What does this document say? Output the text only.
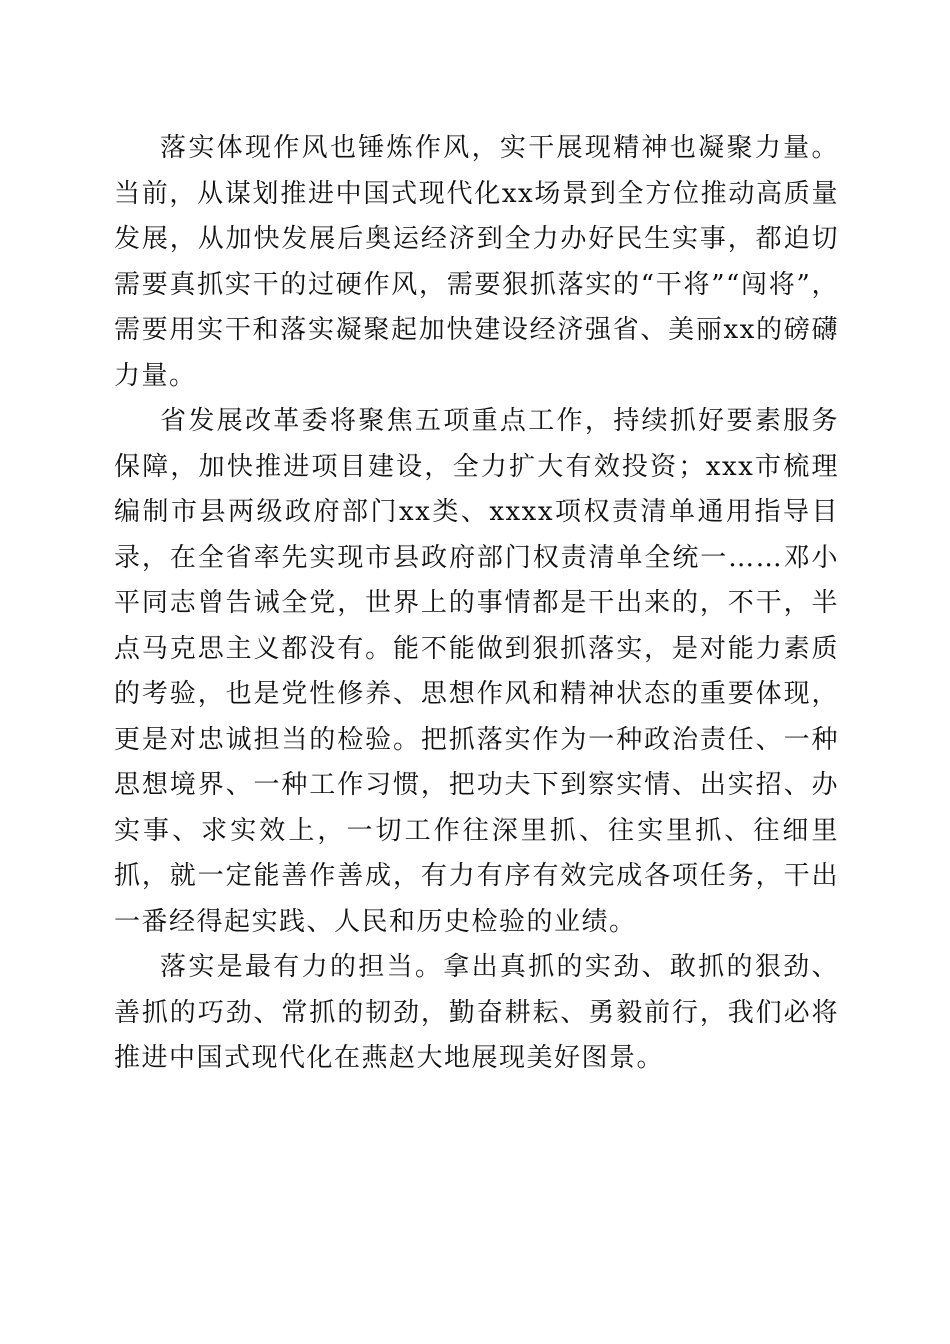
落实体现作风也锤炼作风，实干展现精神也凝聚力量。当前，从谋划推进中国式现代化xx场景到全方位推动高质量发展，从加快发展后奥运经济到全力办好民生实事，都迫切需要真抓实干的过硬作风，需要狠抓落实的“干将”“闯将”，需要用实干和落实凝聚起加快建设经济强省、美丽xx的磅礴力量。

省发展改革委将聚焦五项重点工作，持续抓好要素服务保障，加快推进项目建设，全力扩大有效投资；xxx市梳理编制市县两级政府部门xx类、xxxx项权责清单通用指导目录，在全省率先实现市县政府部门权责清单全统一……邓小平同志曾告诫全党，世界上的事情都是干出来的，不干，半点马克思主义都没有。能不能做到狠抓落实，是对能力素质的考验，也是党性修养、思想作风和精神状态的重要体现，更是对忠诚担当的检验。把抓落实作为一种政治责任、一种思想境界、一种工作习惯，把功夫下到察实情、出实招、办实事、求实效上，一切工作往深里抓、往实里抓、往细里抓，就一定能善作善成，有力有序有效完成各项任务，干出一番经得起实践、人民和历史检验的业绩。

落实是最有力的担当。拿出真抓的实劲、敢抓的狠劲、善抓的巧劲、常抓的韧劲，勤奋耕耘、勇毅前行，我们必将推进中国式现代化在燕赵大地展现美好图景。
